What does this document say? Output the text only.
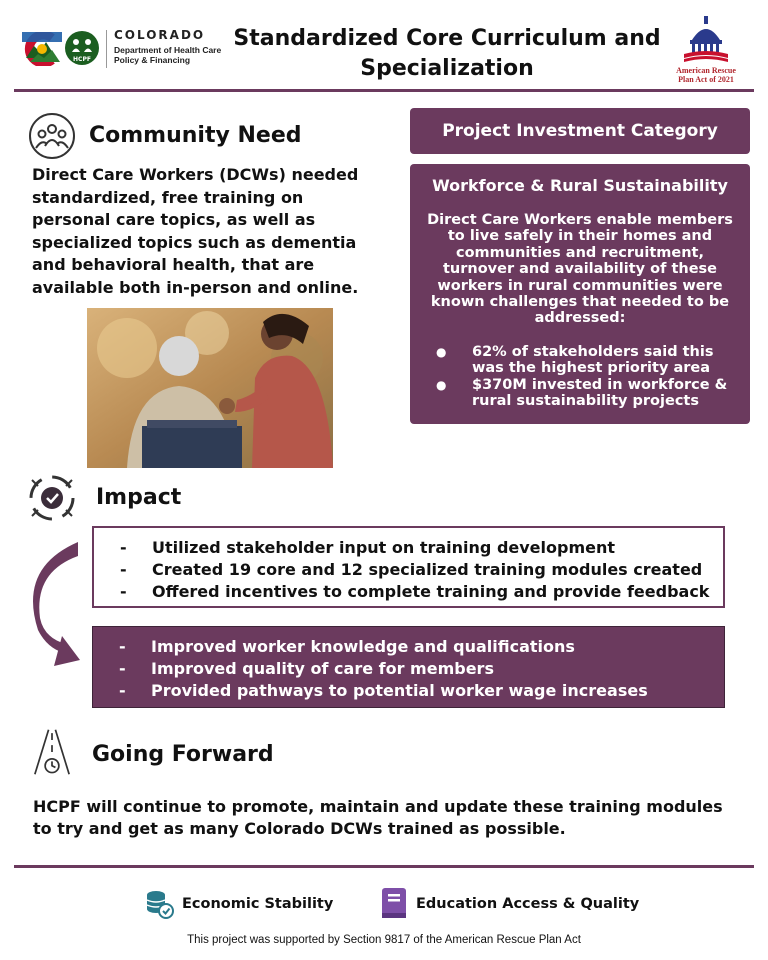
HCPF
COLORADO
Department of Health Care Policy & Financing
Standardized Core Curriculum and Specialization	American Rescue Plan Act of 2021
Community Need
Direct Care Workers (DCWs) needed standardized, free training on personal care topics, as well as specialized topics such as dementia and behavioral health, that are available both in-person and online.
Project Investment Category
Workforce & Rural Sustainability
Direct Care Workers enable members to live safely in their homes and communities and recruitment, turnover and availability of these workers in rural communities were known challenges that needed to be addressed:
● 62% of stakeholders said this was the highest priority area
● $370M invested in workforce & rural sustainability projects
Impact
- Utilized stakeholder input on training development
- Created 19 core and 12 specialized training modules created
- Offered incentives to complete training and provide feedback
- Improved worker knowledge and qualifications
- Improved quality of care for members
- Provided pathways to potential worker wage increases
Going Forward
HCPF will continue to promote, maintain and update these training modules to try and get as many Colorado DCWs trained as possible.
Economic Stability	Education Access & Quality
This project was supported by Section 9817 of the American Rescue Plan Act
